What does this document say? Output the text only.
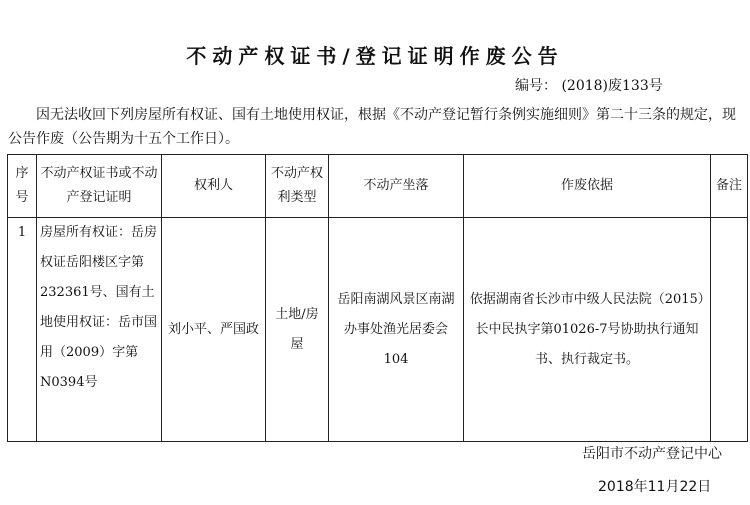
不动产权证书/登记证明作废公告
编号： (2018)废133号
因无法收回下列房屋所有权证、国有土地使用权证，根据《不动产登记暂行条例实施细则》第二十三条的规定，现公告作废（公告期为十五个工作日）。
序号	不动产权证书或不动产登记证明	权利人	不动产权利类型	不动产坐落	作废依据	备注
1	房屋所有权证：岳房权证岳阳楼区字第232361号、国有土地使用权证：岳市国用（2009）字第N0394号	刘小平、严国政	土地/房屋	岳阳南湖风景区南湖办事处渔光居委会104	依据湖南省长沙市中级人民法院（2015）长中民执字第01026-7号协助执行通知书、执行裁定书。	
岳阳市不动产登记中心
2018年11月22日
